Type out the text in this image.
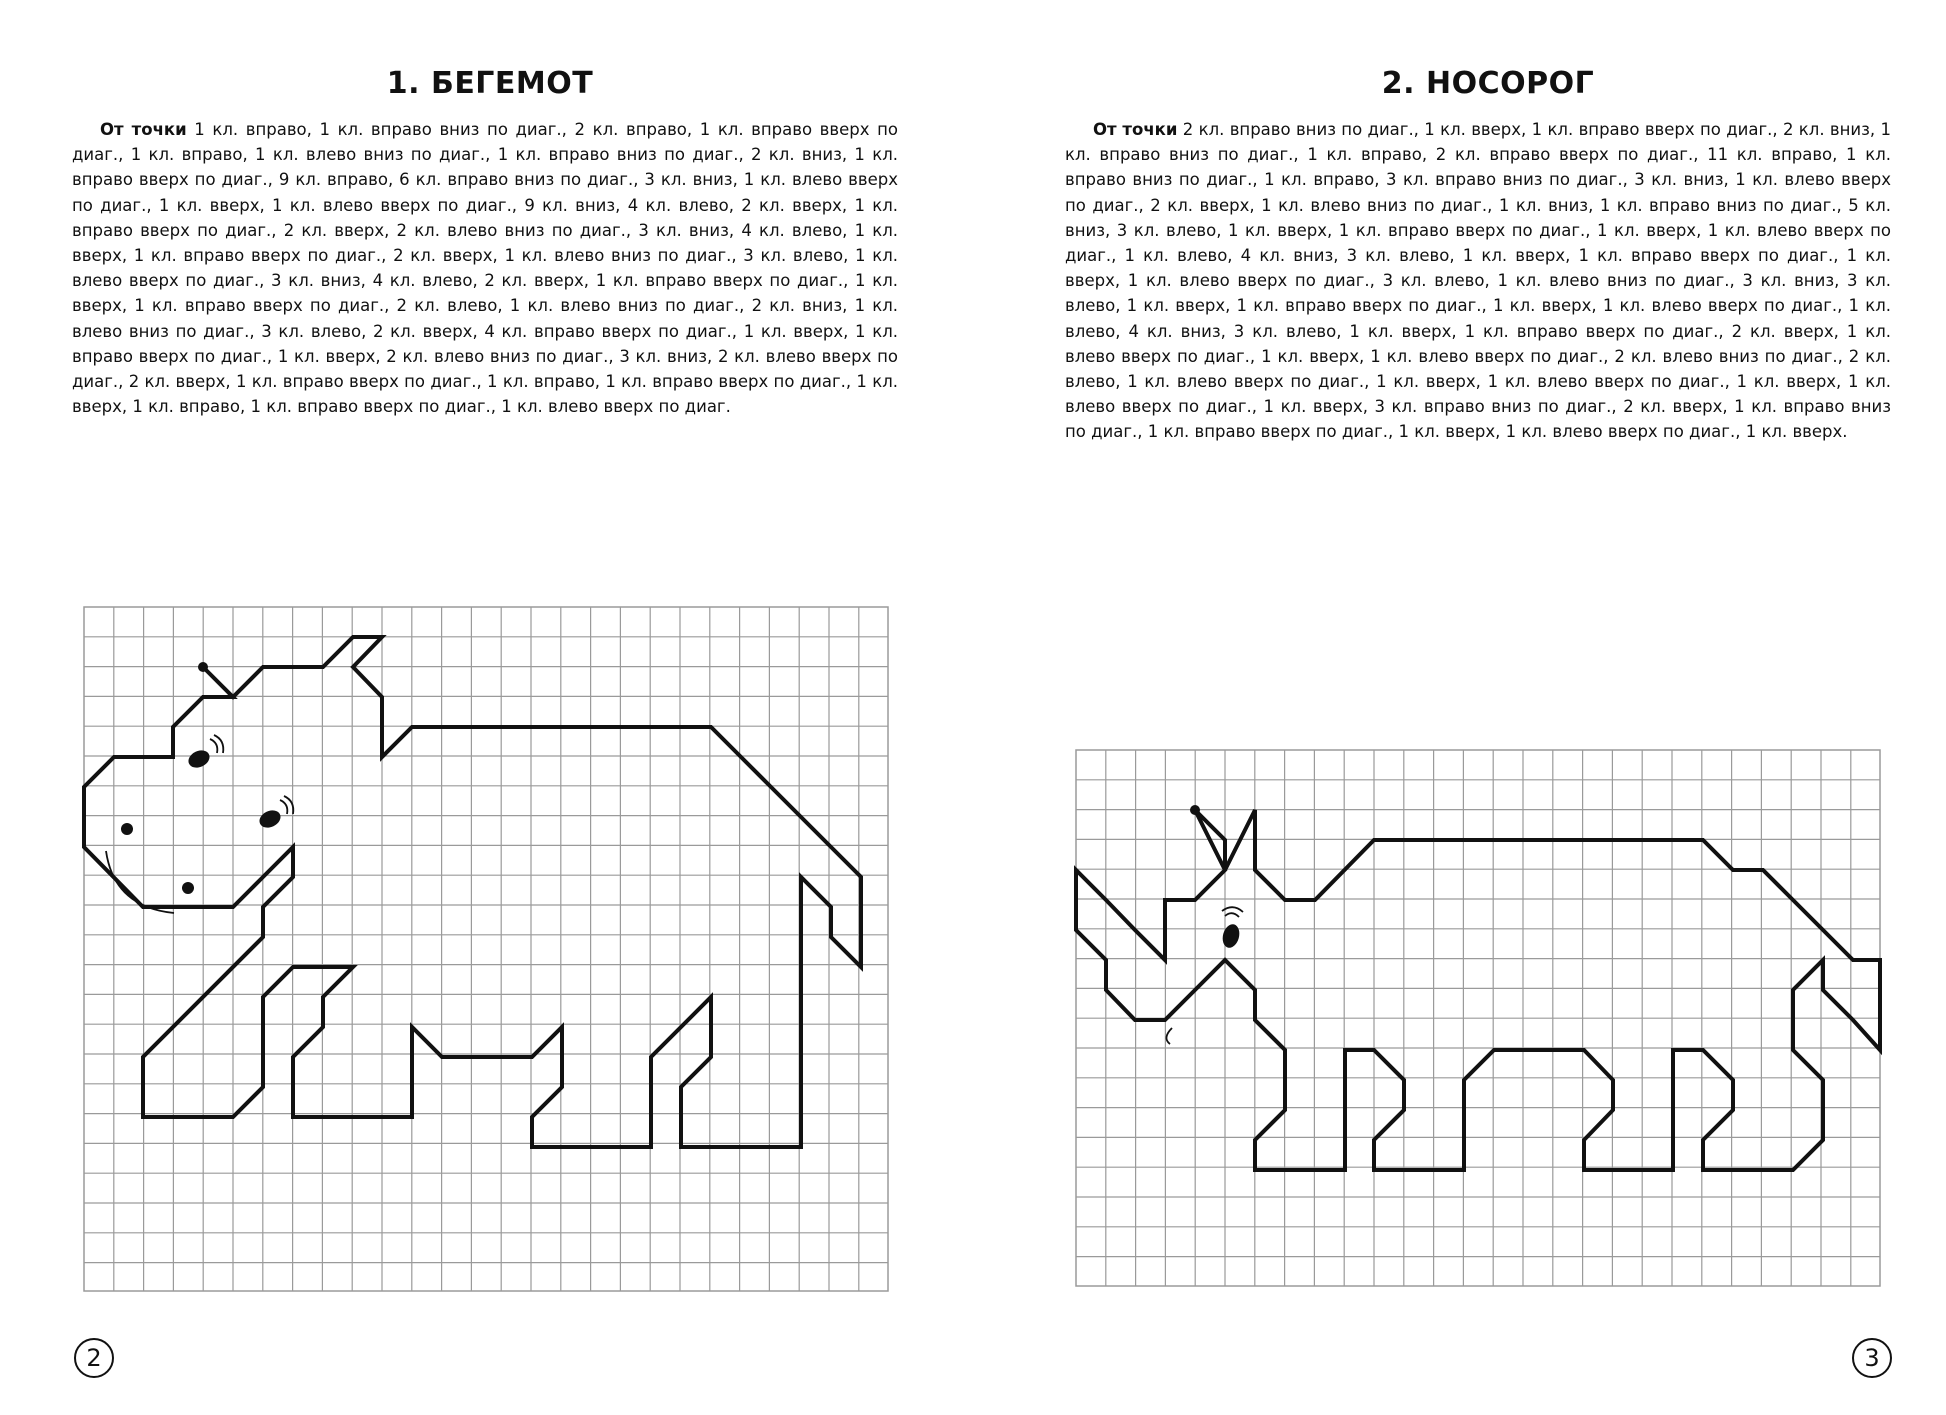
1. БЕГЕМОТ

От точки 1 кл. вправо, 1 кл. вправо вниз по диаг., 2 кл. вправо, 1 кл. вправо вверх по диаг., 1 кл. вправо, 1 кл. влево вниз по диаг., 1 кл. вправо вниз по диаг., 2 кл. вниз, 1 кл. вправо вверх по диаг., 9 кл. вправо, 6 кл. вправо вниз по диаг., 3 кл. вниз, 1 кл. влево вверх по диаг., 1 кл. вверх, 1 кл. влево вверх по диаг., 9 кл. вниз, 4 кл. влево, 2 кл. вверх, 1 кл. вправо вверх по диаг., 2 кл. вверх, 2 кл. влево вниз по диаг., 3 кл. вниз, 4 кл. влево, 1 кл. вверх, 1 кл. вправо вверх по диаг., 2 кл. вверх, 1 кл. влево вниз по диаг., 3 кл. влево, 1 кл. влево вверх по диаг., 3 кл. вниз, 4 кл. влево, 2 кл. вверх, 1 кл. вправо вверх по диаг., 1 кл. вверх, 1 кл. вправо вверх по диаг., 2 кл. влево, 1 кл. влево вниз по диаг., 2 кл. вниз, 1 кл. влево вниз по диаг., 3 кл. влево, 2 кл. вверх, 4 кл. вправо вверх по диаг., 1 кл. вверх, 1 кл. вправо вверх по диаг., 1 кл. вверх, 2 кл. влево вниз по диаг., 3 кл. вниз, 2 кл. влево вверх по диаг., 2 кл. вверх, 1 кл. вправо вверх по диаг., 1 кл. вправо, 1 кл. вправо вверх по диаг., 1 кл. вверх, 1 кл. вправо, 1 кл. вправо вверх по диаг., 1 кл. влево вверх по диаг.

2
2. НОСОРОГ

От точки 2 кл. вправо вниз по диаг., 1 кл. вверх, 1 кл. вправо вверх по диаг., 2 кл. вниз, 1 кл. вправо вниз по диаг., 1 кл. вправо, 2 кл. вправо вверх по диаг., 11 кл. вправо, 1 кл. вправо вниз по диаг., 1 кл. вправо, 3 кл. вправо вниз по диаг., 3 кл. вниз, 1 кл. влево вверх по диаг., 2 кл. вверх, 1 кл. влево вниз по диаг., 1 кл. вниз, 1 кл. вправо вниз по диаг., 5 кл. вниз, 3 кл. влево, 1 кл. вверх, 1 кл. вправо вверх по диаг., 1 кл. вверх, 1 кл. влево вверх по диаг., 1 кл. влево, 4 кл. вниз, 3 кл. влево, 1 кл. вверх, 1 кл. вправо вверх по диаг., 1 кл. вверх, 1 кл. влево вверх по диаг., 3 кл. влево, 1 кл. влево вниз по диаг., 3 кл. вниз, 3 кл. влево, 1 кл. вверх, 1 кл. вправо вверх по диаг., 1 кл. вверх, 1 кл. влево вверх по диаг., 1 кл. влево, 4 кл. вниз, 3 кл. влево, 1 кл. вверх, 1 кл. вправо вверх по диаг., 2 кл. вверх, 1 кл. влево вверх по диаг., 1 кл. вверх, 1 кл. влево вверх по диаг., 2 кл. влево вниз по диаг., 2 кл. влево, 1 кл. влево вверх по диаг., 1 кл. вверх, 1 кл. влево вверх по диаг., 1 кл. вверх, 1 кл. влево вверх по диаг., 1 кл. вверх, 3 кл. вправо вниз по диаг., 2 кл. вверх, 1 кл. вправо вниз по диаг., 1 кл. вправо вверх по диаг., 1 кл. вверх, 1 кл. влево вверх по диаг., 1 кл. вверх.

3
